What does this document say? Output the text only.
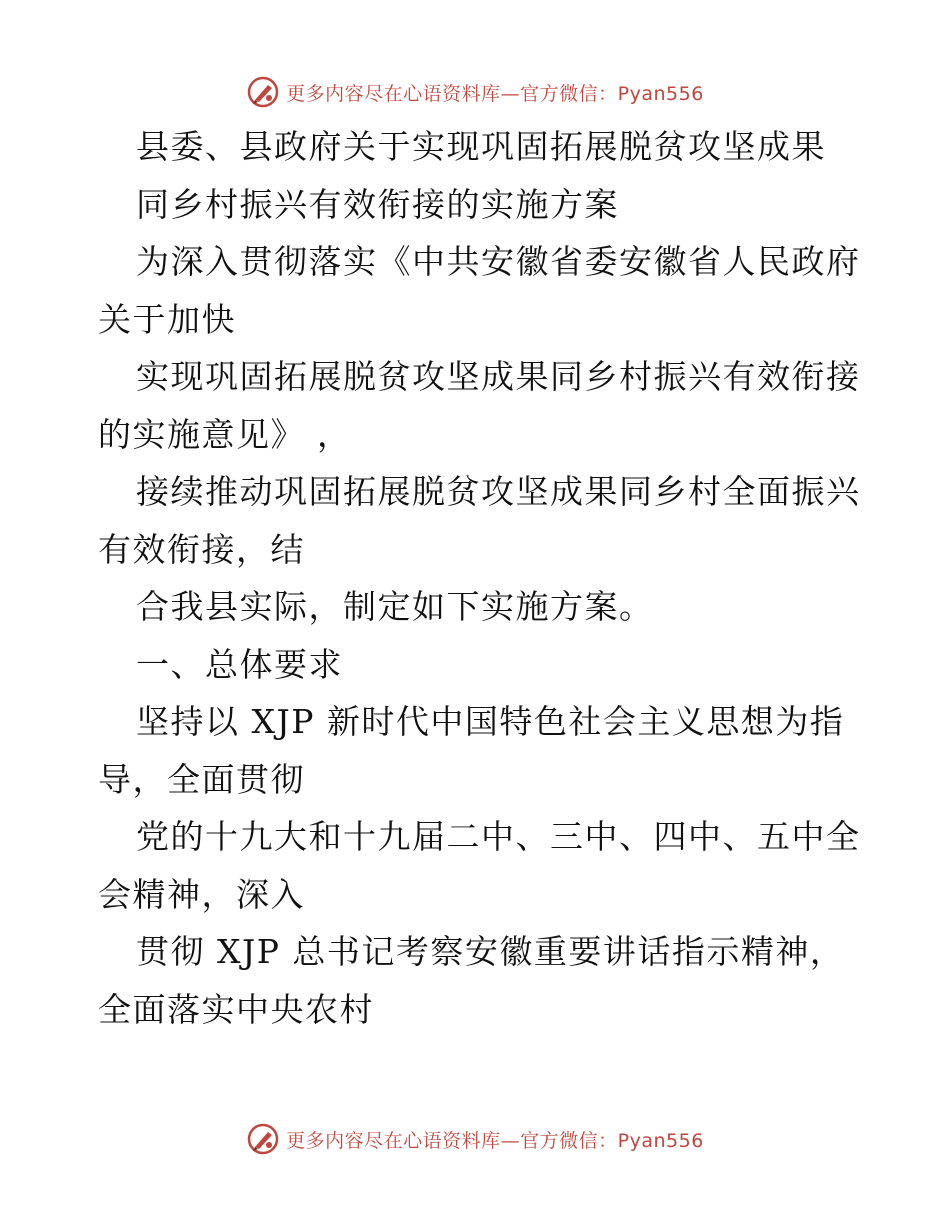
更多内容尽在心语资料库—官方微信：Pyan556
县委、县政府关于实现巩固拓展脱贫攻坚成果
同乡村振兴有效衔接的实施方案
为深入贯彻落实《中共安徽省委安徽省人民政府
关于加快
实现巩固拓展脱贫攻坚成果同乡村振兴有效衔接
的实施意见》 ，
接续推动巩固拓展脱贫攻坚成果同乡村全面振兴
有效衔接，结
合我县实际，制定如下实施方案。
一、总体要求
坚持以 XJP 新时代中国特色社会主义思想为指
导，全面贯彻
党的十九大和十九届二中、三中、四中、五中全
会精神，深入
贯彻 XJP 总书记考察安徽重要讲话指示精神，
全面落实中央农村
更多内容尽在心语资料库—官方微信：Pyan556
